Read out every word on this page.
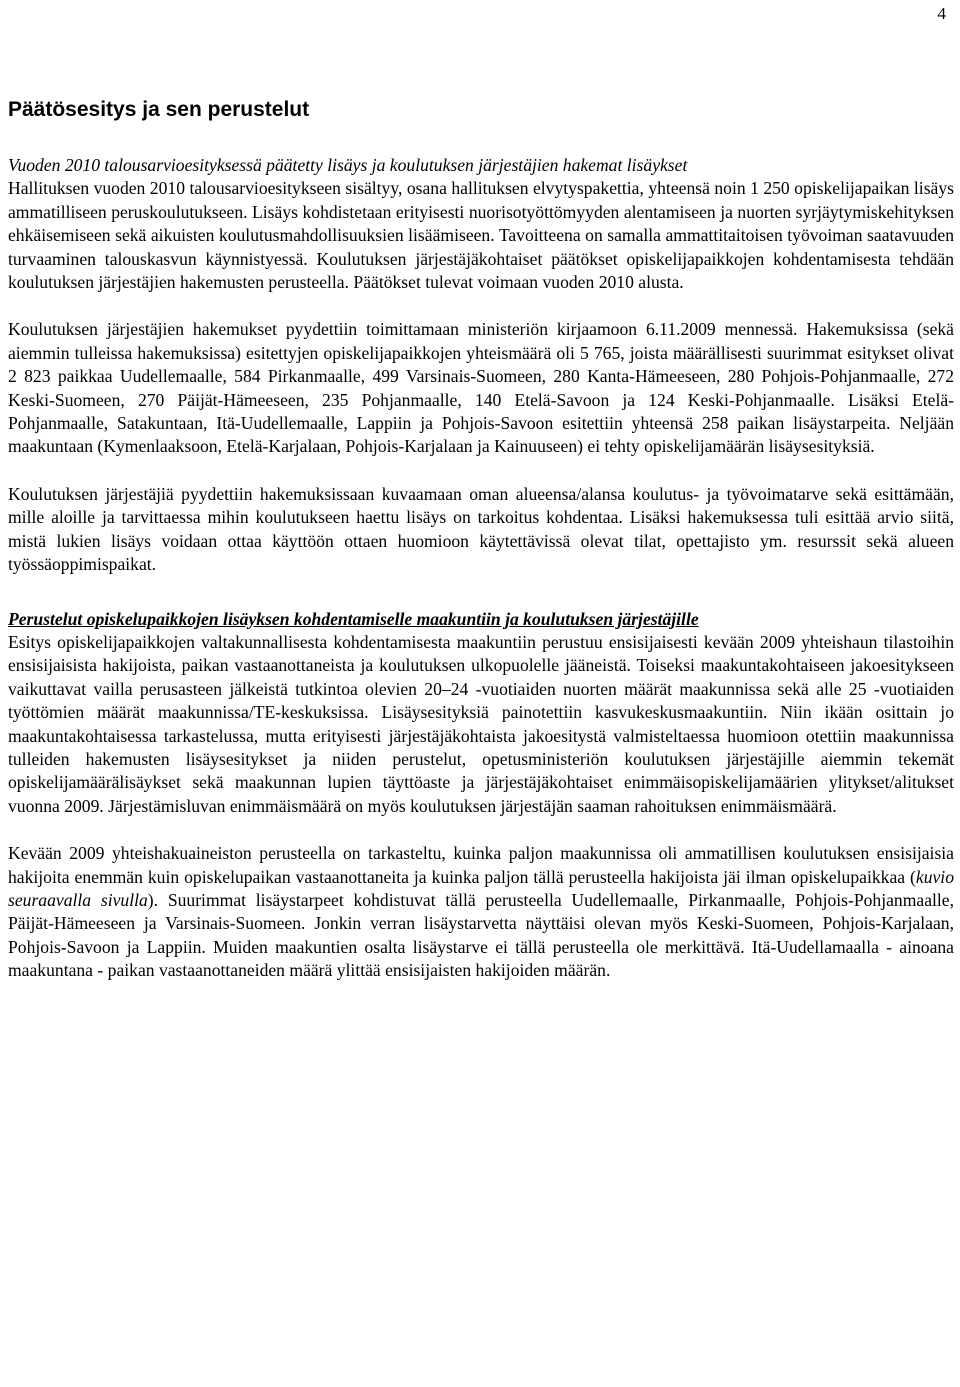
4
Päätösesitys ja sen perustelut
Vuoden 2010 talousarvioesityksessä päätetty lisäys ja koulutuksen järjestäjien hakemat lisäykset

Hallituksen vuoden 2010 talousarvioesitykseen sisältyy, osana hallituksen elvytyspakettia, yhteensä noin 1 250 opiskelijapaikan lisäys ammatilliseen peruskoulutukseen. Lisäys kohdistetaan erityisesti nuorisotyöttömyyden alentamiseen ja nuorten syrjäytymiskehityksen ehkäisemiseen sekä aikuisten koulutusmahdollisuuksien lisäämiseen. Tavoitteena on samalla ammattitaitoisen työvoiman saatavuuden turvaaminen talouskasvun käynnistyessä. Koulutuksen järjestäjäkohtaiset päätökset opiskelijapaikkojen kohdentamisesta tehdään koulutuksen järjestäjien hakemusten perusteella. Päätökset tulevat voimaan vuoden 2010 alusta.

Koulutuksen järjestäjien hakemukset pyydettiin toimittamaan ministeriön kirjaamoon 6.11.2009 mennessä. Hakemuksissa (sekä aiemmin tulleissa hakemuksissa) esitettyjen opiskelijapaikkojen yhteismäärä oli 5 765, joista määrällisesti suurimmat esitykset olivat 2 823 paikkaa Uudellemaalle, 584 Pirkanmaalle, 499 Varsinais-Suomeen, 280 Kanta-Hämeeseen, 280 Pohjois-Pohjanmaalle, 272 Keski-Suomeen, 270 Päijät-Hämeeseen, 235 Pohjanmaalle, 140 Etelä-Savoon ja 124 Keski-Pohjanmaalle. Lisäksi Etelä-Pohjanmaalle, Satakuntaan, Itä-Uudellemaalle, Lappiin ja Pohjois-Savoon esitettiin yhteensä 258 paikan lisäystarpeita. Neljään maakuntaan (Kymenlaaksoon, Etelä-Karjalaan, Pohjois-Karjalaan ja Kainuuseen) ei tehty opiskelijamäärän lisäysesityksiä.

Koulutuksen järjestäjiä pyydettiin hakemuksissaan kuvaamaan oman alueensa/alansa koulutus- ja työvoimatarve sekä esittämään, mille aloille ja tarvittaessa mihin koulutukseen haettu lisäys on tarkoitus kohdentaa. Lisäksi hakemuksessa tuli esittää arvio siitä, mistä lukien lisäys voidaan ottaa käyttöön ottaen huomioon käytettävissä olevat tilat, opettajisto ym. resurssit sekä alueen työssäoppimispaikat.

Perustelut opiskelupaikkojen lisäyksen kohdentamiselle maakuntiin ja koulutuksen järjestäjille

Esitys opiskelijapaikkojen valtakunnallisesta kohdentamisesta maakuntiin perustuu ensisijaisesti kevään 2009 yhteishaun tilastoihin ensisijaisista hakijoista, paikan vastaanottaneista ja koulutuksen ulkopuolelle jääneistä. Toiseksi maakuntakohtaiseen jakoesitykseen vaikuttavat vailla perusasteen jälkeistä tutkintoa olevien 20–24 -vuotiaiden nuorten määrät maakunnissa sekä alle 25 -vuotiaiden työttömien määrät maakunnissa/TE-keskuksissa. Lisäysesityksiä painotettiin kasvukeskusmaakuntiin. Niin ikään osittain jo maakuntakohtaisessa tarkastelussa, mutta erityisesti järjestäjäkohtaista jakoesitystä valmisteltaessa huomioon otettiin maakunnissa tulleiden hakemusten lisäysesitykset ja niiden perustelut, opetusministeriön koulutuksen järjestäjille aiemmin tekemät opiskelijamäärälisäykset sekä maakunnan lupien täyttöaste ja järjestäjäkohtaiset enimmäisopiskelijamäärien ylitykset/alitukset vuonna 2009. Järjestämisluvan enimmäismäärä on myös koulutuksen järjestäjän saaman rahoituksen enimmäismäärä.

Kevään 2009 yhteishakuaineiston perusteella on tarkasteltu, kuinka paljon maakunnissa oli ammatillisen koulutuksen ensisijaisia hakijoita enemmän kuin opiskelupaikan vastaanottaneita ja kuinka paljon tällä perusteella hakijoista jäi ilman opiskelupaikkaa (kuvio seuraavalla sivulla). Suurimmat lisäystarpeet kohdistuvat tällä perusteella Uudellemaalle, Pirkanmaalle, Pohjois-Pohjanmaalle, Päijät-Hämeeseen ja Varsinais-Suomeen. Jonkin verran lisäystarvetta näyttäisi olevan myös Keski-Suomeen, Pohjois-Karjalaan, Pohjois-Savoon ja Lappiin. Muiden maakuntien osalta lisäystarve ei tällä perusteella ole merkittävä. Itä-Uudellamaalla - ainoana maakuntana - paikan vastaanottaneiden määrä ylittää ensisijaisten hakijoiden määrän.
